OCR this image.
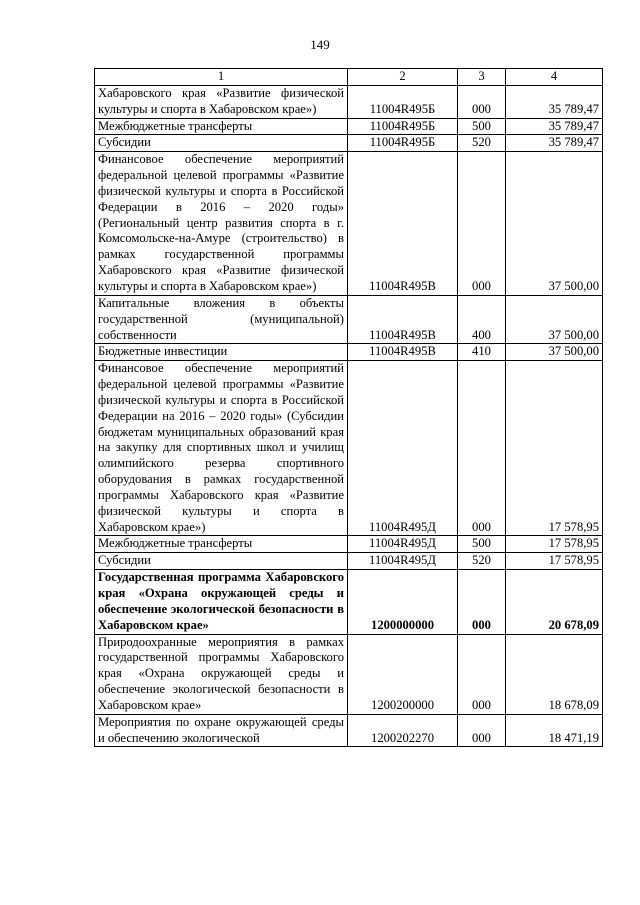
149
1	2	3	4
Хабаровского края «Развитие физической культуры и спорта в Хабаровском крае»)	11004R495Б	000	35 789,47
Межбюджетные трансферты	11004R495Б	500	35 789,47
Субсидии	11004R495Б	520	35 789,47
Финансовое обеспечение мероприятий федеральной целевой программы «Развитие физической культуры и спорта в Российской Федерации в 2016 – 2020 годы» (Региональный центр развития спорта в г. Комсомольске-на-Амуре (строительство) в рамках государственной программы Хабаровского края «Развитие физической культуры и спорта в Хабаровском крае»)	11004R495В	000	37 500,00
Капитальные вложения в объекты государственной (муниципальной) собственности	11004R495В	400	37 500,00
Бюджетные инвестиции	11004R495В	410	37 500,00
Финансовое обеспечение мероприятий федеральной целевой программы «Развитие физической культуры и спорта в Российской Федерации на 2016 – 2020 годы» (Субсидии бюджетам муниципальных образований края на закупку для спортивных школ и училищ олимпийского резерва спортивного оборудования в рамках государственной программы Хабаровского края «Развитие физической культуры и спорта в Хабаровском крае»)	11004R495Д	000	17 578,95
Межбюджетные трансферты	11004R495Д	500	17 578,95
Субсидии	11004R495Д	520	17 578,95
Государственная программа Хабаровского края «Охрана окружающей среды и обеспечение экологической безопасности в Хабаровском крае»	1200000000	000	20 678,09
Природоохранные мероприятия в рамках государственной программы Хабаровского края «Охрана окружающей среды и обеспечение экологической безопасности в Хабаровском крае»	1200200000	000	18 678,09
Мероприятия по охране окружающей среды и обеспечению экологической	1200202270	000	18 471,19
